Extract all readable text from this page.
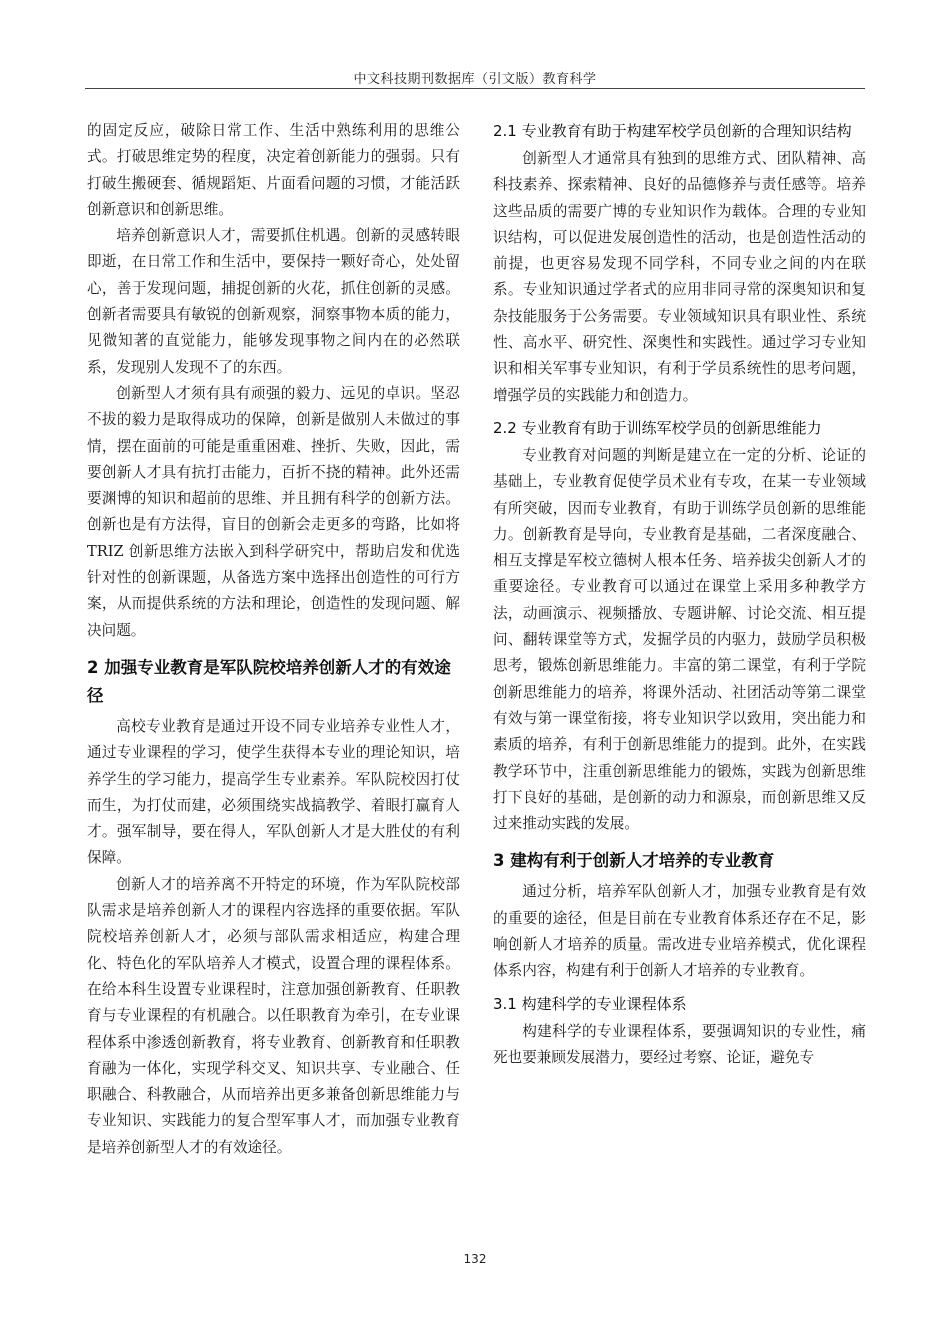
中文科技期刊数据库（引文版）教育科学

的固定反应，破除日常工作、生活中熟练利用的思维公式。打破思维定势的程度，决定着创新能力的强弱。只有打破生搬硬套、循规蹈矩、片面看问题的习惯，才能活跃创新意识和创新思维。

培养创新意识人才，需要抓住机遇。创新的灵感转眼即逝，在日常工作和生活中，要保持一颗好奇心，处处留心，善于发现问题，捕捉创新的火花，抓住创新的灵感。创新者需要具有敏锐的创新观察，洞察事物本质的能力，见微知著的直觉能力，能够发现事物之间内在的必然联系，发现别人发现不了的东西。

创新型人才须有具有顽强的毅力、远见的卓识。坚忍不拔的毅力是取得成功的保障，创新是做别人未做过的事情，摆在面前的可能是重重困难、挫折、失败，因此，需要创新人才具有抗打击能力，百折不挠的精神。此外还需要渊博的知识和超前的思维、并且拥有科学的创新方法。创新也是有方法得，盲目的创新会走更多的弯路，比如将 TRIZ 创新思维方法嵌入到科学研究中，帮助启发和优选针对性的创新课题，从备选方案中选择出创造性的可行方案，从而提供系统的方法和理论，创造性的发现问题、解决问题。

2 加强专业教育是军队院校培养创新人才的有效途径

高校专业教育是通过开设不同专业培养专业性人才，通过专业课程的学习，使学生获得本专业的理论知识，培养学生的学习能力，提高学生专业素养。军队院校因打仗而生，为打仗而建，必须围绕实战搞教学、着眼打赢育人才。强军制导，要在得人，军队创新人才是大胜仗的有利保障。

创新人才的培养离不开特定的环境，作为军队院校部队需求是培养创新人才的课程内容选择的重要依据。军队院校培养创新人才，必须与部队需求相适应，构建合理化、特色化的军队培养人才模式，设置合理的课程体系。在给本科生设置专业课程时，注意加强创新教育、任职教育与专业课程的有机融合。以任职教育为牵引，在专业课程体系中渗透创新教育，将专业教育、创新教育和任职教育融为一体化，实现学科交叉、知识共享、专业融合、任职融合、科教融合，从而培养出更多兼备创新思维能力与专业知识、实践能力的复合型军事人才，而加强专业教育是培养创新型人才的有效途径。

2.1 专业教育有助于构建军校学员创新的合理知识结构

创新型人才通常具有独到的思维方式、团队精神、高科技素养、探索精神、良好的品德修养与责任感等。培养这些品质的需要广博的专业知识作为载体。合理的专业知识结构，可以促进发展创造性的活动，也是创造性活动的前提，也更容易发现不同学科，不同专业之间的内在联系。专业知识通过学者式的应用非同寻常的深奥知识和复杂技能服务于公务需要。专业领域知识具有职业性、系统性、高水平、研究性、深奥性和实践性。通过学习专业知识和相关军事专业知识，有利于学员系统性的思考问题，增强学员的实践能力和创造力。

2.2 专业教育有助于训练军校学员的创新思维能力

专业教育对问题的判断是建立在一定的分析、论证的基础上，专业教育促使学员术业有专攻，在某一专业领域有所突破，因而专业教育，有助于训练学员创新的思维能力。创新教育是导向，专业教育是基础，二者深度融合、相互支撑是军校立德树人根本任务、培养拔尖创新人才的重要途径。专业教育可以通过在课堂上采用多种教学方法，动画演示、视频播放、专题讲解、讨论交流、相互提问、翻转课堂等方式，发掘学员的内驱力，鼓励学员积极思考，锻炼创新思维能力。丰富的第二课堂，有利于学院创新思维能力的培养，将课外活动、社团活动等第二课堂有效与第一课堂衔接，将专业知识学以致用，突出能力和素质的培养，有利于创新思维能力的提到。此外，在实践教学环节中，注重创新思维能力的锻炼，实践为创新思维打下良好的基础，是创新的动力和源泉，而创新思维又反过来推动实践的发展。

3 建构有利于创新人才培养的专业教育

通过分析，培养军队创新人才，加强专业教育是有效的重要的途径，但是目前在专业教育体系还存在不足，影响创新人才培养的质量。需改进专业培养模式，优化课程体系内容，构建有利于创新人才培养的专业教育。

3.1 构建科学的专业课程体系

构建科学的专业课程体系，要强调知识的专业性，痛死也要兼顾发展潜力，要经过考察、论证，避免专

132
